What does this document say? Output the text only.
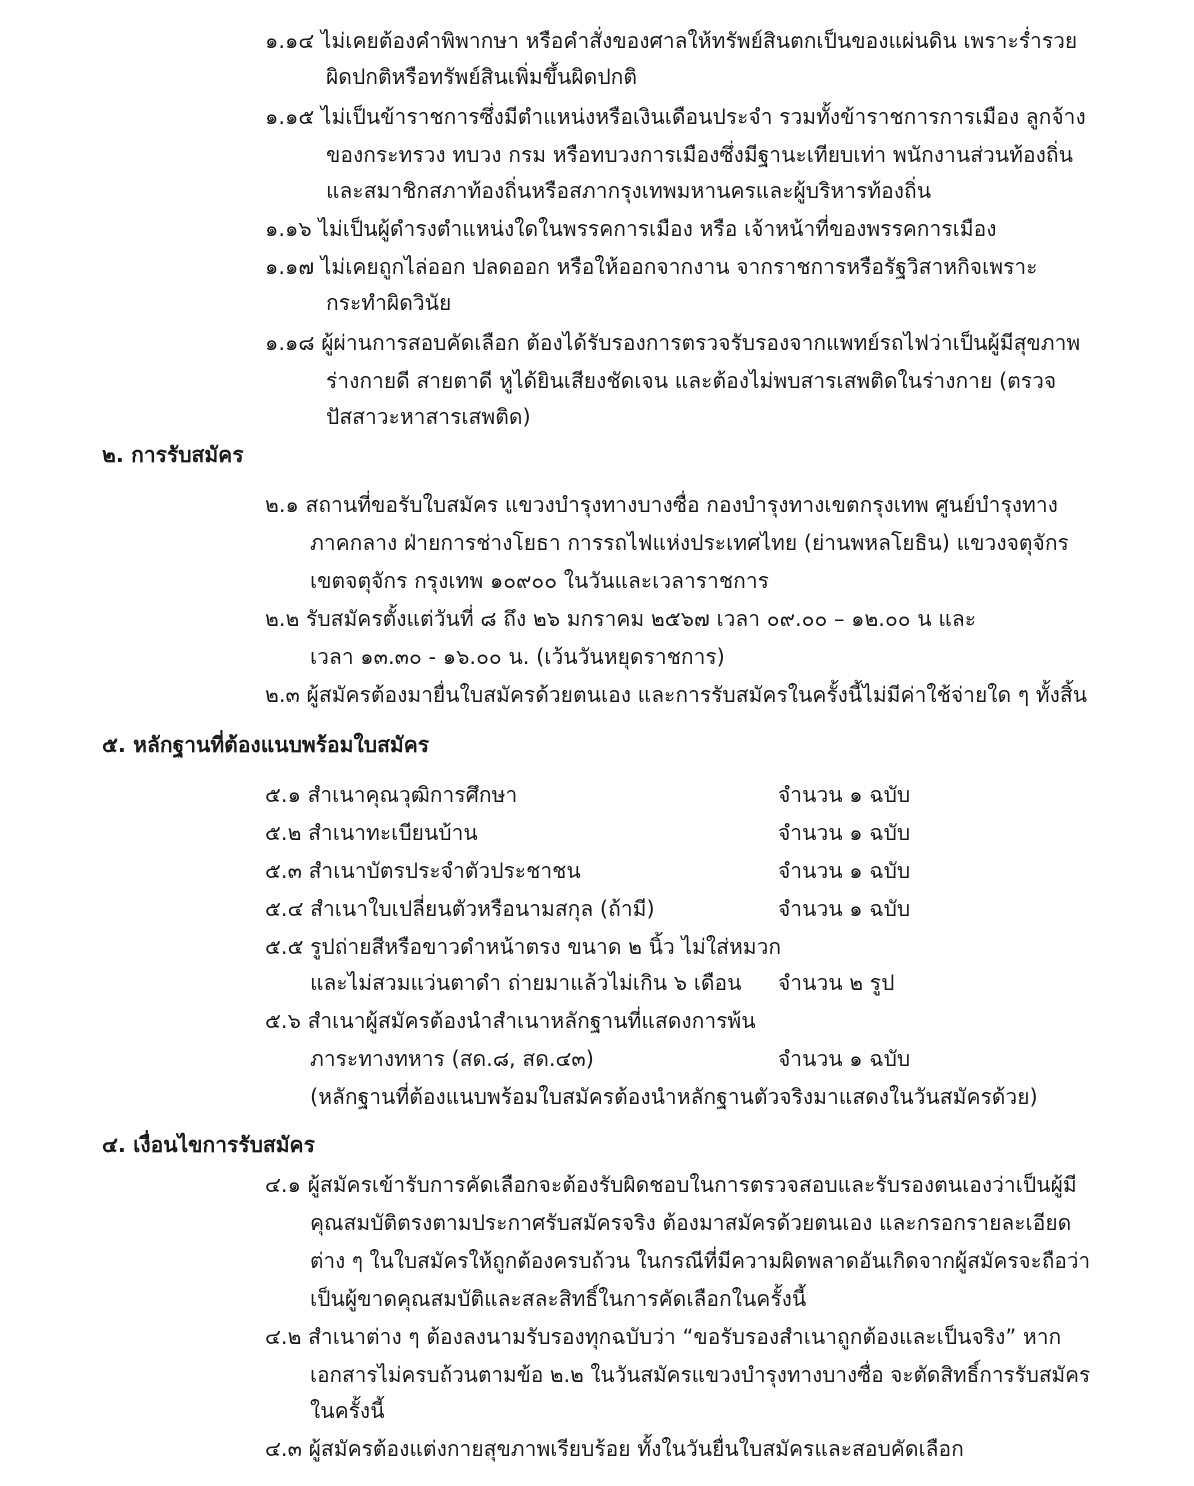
๑.๑๔ ไม่เคยต้องคำพิพากษา หรือคำสั่งของศาลให้ทรัพย์สินตกเป็นของแผ่นดิน เพราะร่ำรวย
ผิดปกติหรือทรัพย์สินเพิ่มขึ้นผิดปกติ
๑.๑๕ ไม่เป็นข้าราชการซึ่งมีตำแหน่งหรือเงินเดือนประจำ รวมทั้งข้าราชการการเมือง ลูกจ้าง
ของกระทรวง ทบวง กรม หรือทบวงการเมืองซึ่งมีฐานะเทียบเท่า พนักงานส่วนท้องถิ่น
และสมาชิกสภาท้องถิ่นหรือสภากรุงเทพมหานครและผู้บริหารท้องถิ่น
๑.๑๖ ไม่เป็นผู้ดำรงตำแหน่งใดในพรรคการเมือง หรือ เจ้าหน้าที่ของพรรคการเมือง
๑.๑๗ ไม่เคยถูกไล่ออก ปลดออก หรือให้ออกจากงาน จากราชการหรือรัฐวิสาหกิจเพราะ
กระทำผิดวินัย
๑.๑๘ ผู้ผ่านการสอบคัดเลือก ต้องได้รับรองการตรวจรับรองจากแพทย์รถไฟว่าเป็นผู้มีสุขภาพ
ร่างกายดี สายตาดี หูได้ยินเสียงชัดเจน และต้องไม่พบสารเสพติดในร่างกาย (ตรวจ
ปัสสาวะหาสารเสพติด)
๒. การรับสมัคร
๒.๑ สถานที่ขอรับใบสมัคร แขวงบำรุงทางบางซื่อ กองบำรุงทางเขตกรุงเทพ ศูนย์บำรุงทาง
ภาคกลาง ฝ่ายการช่างโยธา การรถไฟแห่งประเทศไทย (ย่านพหลโยธิน) แขวงจตุจักร
เขตจตุจักร กรุงเทพ ๑๐๙๐๐ ในวันและเวลาราชการ
๒.๒ รับสมัครตั้งแต่วันที่ ๘ ถึง ๒๖ มกราคม ๒๕๖๗ เวลา ๐๙.๐๐ – ๑๒.๐๐ น และ
เวลา ๑๓.๓๐ - ๑๖.๐๐ น. (เว้นวันหยุดราชการ)
๒.๓ ผู้สมัครต้องมายื่นใบสมัครด้วยตนเอง และการรับสมัครในครั้งนี้ไม่มีค่าใช้จ่ายใด ๆ ทั้งสิ้น
๕. หลักฐานที่ต้องแนบพร้อมใบสมัคร
๕.๑ สำเนาคุณวุฒิการศึกษา	จำนวน ๑ ฉบับ
๕.๒ สำเนาทะเบียนบ้าน	จำนวน ๑ ฉบับ
๕.๓ สำเนาบัตรประจำตัวประชาชน	จำนวน ๑ ฉบับ
๕.๔ สำเนาใบเปลี่ยนตัวหรือนามสกุล (ถ้ามี)	จำนวน ๑ ฉบับ
๕.๕ รูปถ่ายสีหรือขาวดำหน้าตรง ขนาด ๒ นิ้ว ไม่ใส่หมวก
และไม่สวมแว่นตาดำ ถ่ายมาแล้วไม่เกิน ๖ เดือน จำนวน ๒ รูป
๕.๖ สำเนาผู้สมัครต้องนำสำเนาหลักฐานที่แสดงการพ้น
ภาระทางทหาร (สด.๘, สด.๔๓)	จำนวน ๑ ฉบับ
(หลักฐานที่ต้องแนบพร้อมใบสมัครต้องนำหลักฐานตัวจริงมาแสดงในวันสมัครด้วย)
๔. เงื่อนไขการรับสมัคร
๔.๑ ผู้สมัครเข้ารับการคัดเลือกจะต้องรับผิดชอบในการตรวจสอบและรับรองตนเองว่าเป็นผู้มี
คุณสมบัติตรงตามประกาศรับสมัครจริง ต้องมาสมัครด้วยตนเอง และกรอกรายละเอียด
ต่าง ๆ ในใบสมัครให้ถูกต้องครบถ้วน ในกรณีที่มีความผิดพลาดอันเกิดจากผู้สมัครจะถือว่า
เป็นผู้ขาดคุณสมบัติและสละสิทธิ์ในการคัดเลือกในครั้งนี้
๔.๒ สำเนาต่าง ๆ ต้องลงนามรับรองทุกฉบับว่า “ขอรับรองสำเนาถูกต้องและเป็นจริง” หาก
เอกสารไม่ครบถ้วนตามข้อ ๒.๒ ในวันสมัครแขวงบำรุงทางบางซื่อ จะตัดสิทธิ์การรับสมัคร
ในครั้งนี้
๔.๓ ผู้สมัครต้องแต่งกายสุขภาพเรียบร้อย ทั้งในวันยื่นใบสมัครและสอบคัดเลือก
